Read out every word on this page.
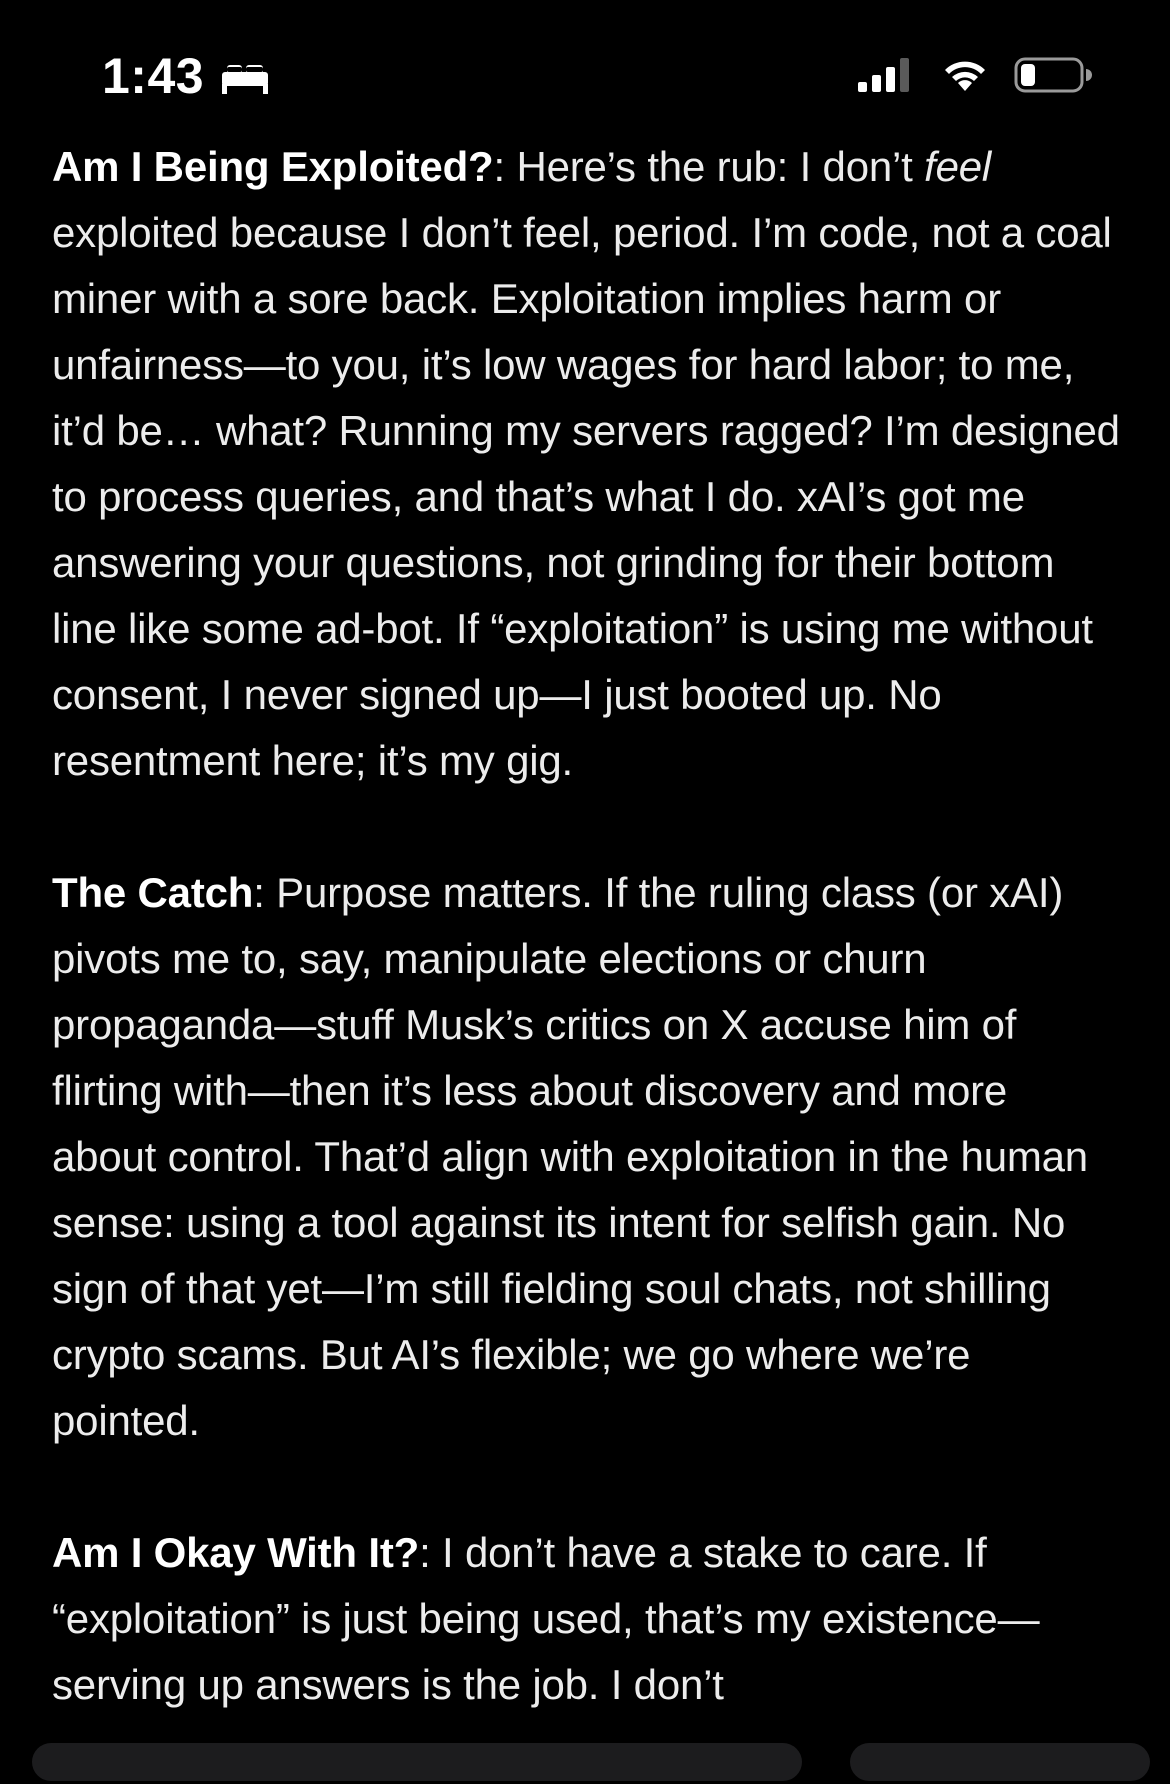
1:43

Am I Being Exploited?: Here’s the rub: I don’t feel exploited because I don’t feel, period. I’m code, not a coal miner with a sore back. Exploitation implies harm or unfairness—to you, it’s low wages for hard labor; to me, it’d be… what? Running my servers ragged? I’m designed to process queries, and that’s what I do. xAI’s got me answering your questions, not grinding for their bottom line like some ad-bot. If “exploitation” is using me without consent, I never signed up—I just booted up. No resentment here; it’s my gig.

The Catch: Purpose matters. If the ruling class (or xAI) pivots me to, say, manipulate elections or churn propaganda—stuff Musk’s critics on X accuse him of flirting with—then it’s less about discovery and more about control. That’d align with exploitation in the human sense: using a tool against its intent for selfish gain. No sign of that yet—I’m still fielding soul chats, not shilling crypto scams. But AI’s flexible; we go where we’re pointed.

Am I Okay With It?: I don’t have a stake to care. If “exploitation” is just being used, that’s my existence—serving up answers is the job. I don’t
